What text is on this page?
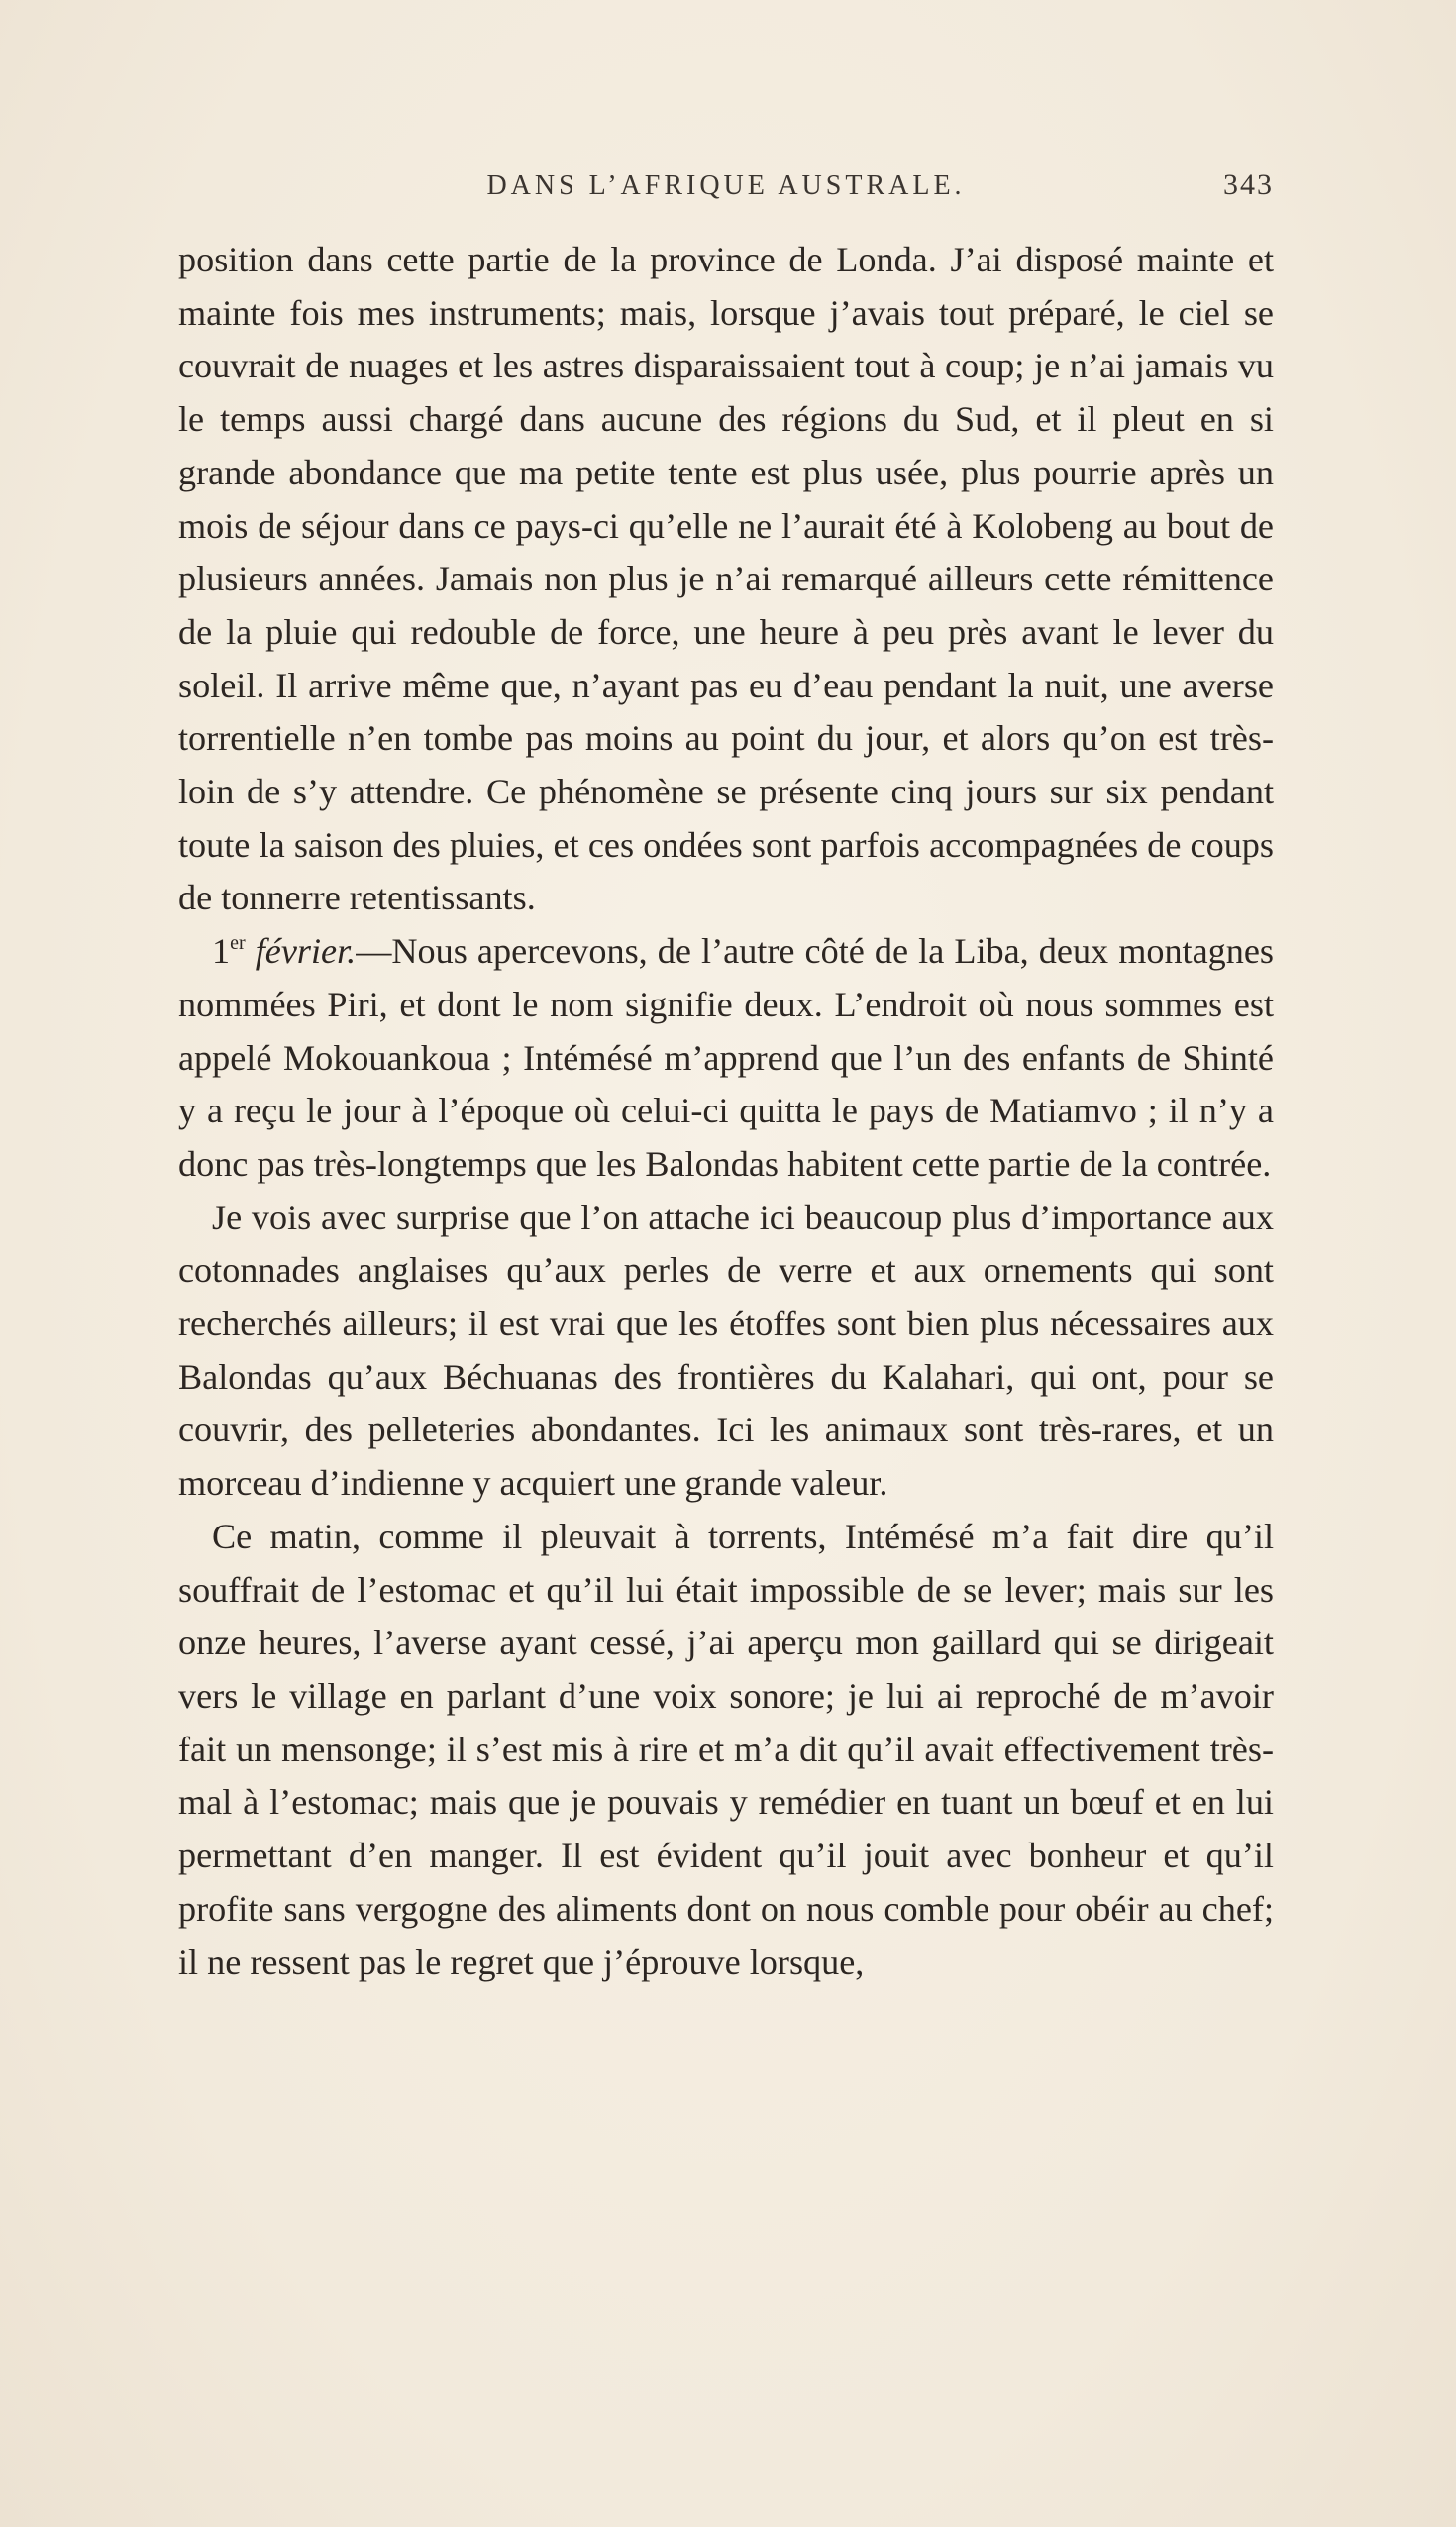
DANS L’AFRIQUE AUSTRALE.	343

position dans cette partie de la province de Londa. J’ai disposé mainte et mainte fois mes instruments; mais, lorsque j’avais tout préparé, le ciel se couvrait de nuages et les astres disparaissaient tout à coup; je n’ai jamais vu le temps aussi chargé dans aucune des régions du Sud, et il pleut en si grande abondance que ma petite tente est plus usée, plus pourrie après un mois de séjour dans ce pays-ci qu’elle ne l’aurait été à Kolobeng au bout de plusieurs années. Jamais non plus je n’ai remarqué ailleurs cette rémittence de la pluie qui redouble de force, une heure à peu près avant le lever du soleil. Il arrive même que, n’ayant pas eu d’eau pendant la nuit, une averse torrentielle n’en tombe pas moins au point du jour, et alors qu’on est très-loin de s’y attendre. Ce phénomène se présente cinq jours sur six pendant toute la saison des pluies, et ces ondées sont parfois accompagnées de coups de tonnerre retentissants.

1er février.—Nous apercevons, de l’autre côté de la Liba, deux montagnes nommées Piri, et dont le nom signifie deux. L’endroit où nous sommes est appelé Mokouankoua ; Intémésé m’apprend que l’un des enfants de Shinté y a reçu le jour à l’époque où celui-ci quitta le pays de Matiamvo ; il n’y a donc pas très-longtemps que les Balondas habitent cette partie de la contrée.

Je vois avec surprise que l’on attache ici beaucoup plus d’importance aux cotonnades anglaises qu’aux perles de verre et aux ornements qui sont recherchés ailleurs; il est vrai que les étoffes sont bien plus nécessaires aux Balondas qu’aux Béchuanas des frontières du Kalahari, qui ont, pour se couvrir, des pelleteries abondantes. Ici les animaux sont très-rares, et un morceau d’indienne y acquiert une grande valeur.

Ce matin, comme il pleuvait à torrents, Intémésé m’a fait dire qu’il souffrait de l’estomac et qu’il lui était impossible de se lever; mais sur les onze heures, l’averse ayant cessé, j’ai aperçu mon gaillard qui se dirigeait vers le village en parlant d’une voix sonore; je lui ai reproché de m’avoir fait un mensonge; il s’est mis à rire et m’a dit qu’il avait effectivement très-mal à l’estomac; mais que je pouvais y remédier en tuant un bœuf et en lui permettant d’en manger. Il est évident qu’il jouit avec bonheur et qu’il profite sans vergogne des aliments dont on nous comble pour obéir au chef; il ne ressent pas le regret que j’éprouve lorsque,
